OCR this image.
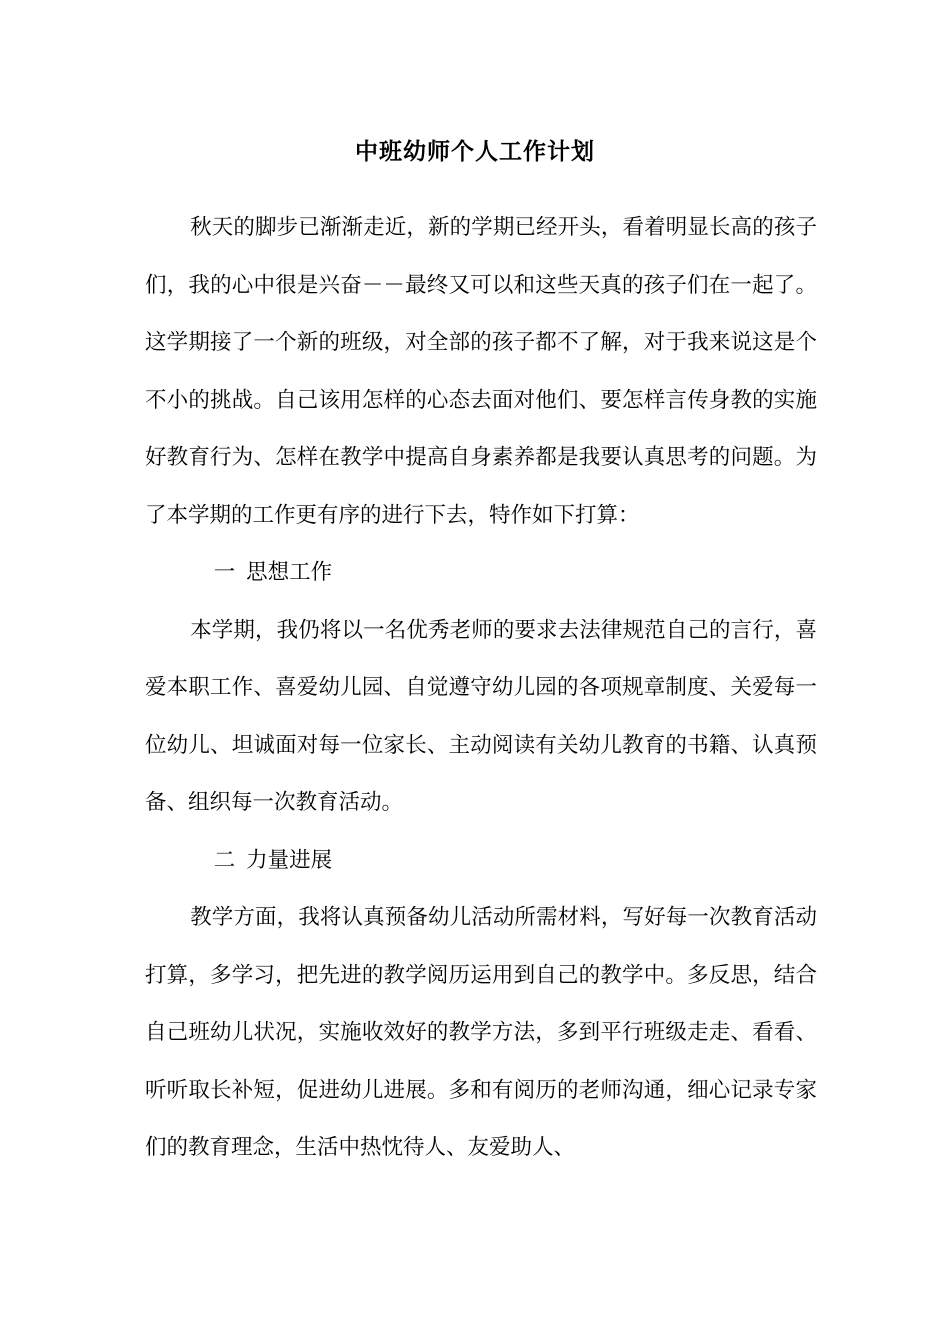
中班幼师个人工作计划

秋天的脚步已渐渐走近，新的学期已经开头，看着明显长高的孩子们，我的心中很是兴奋－－最终又可以和这些天真的孩子们在一起了。这学期接了一个新的班级，对全部的孩子都不了解，对于我来说这是个不小的挑战。自己该用怎样的心态去面对他们、要怎样言传身教的实施好教育行为、怎样在教学中提高自身素养都是我要认真思考的问题。为了本学期的工作更有序的进行下去，特作如下打算：

一 思想工作

本学期，我仍将以一名优秀老师的要求去法律规范自己的言行，喜爱本职工作、喜爱幼儿园、自觉遵守幼儿园的各项规章制度、关爱每一位幼儿、坦诚面对每一位家长、主动阅读有关幼儿教育的书籍、认真预备、组织每一次教育活动。

二 力量进展

教学方面，我将认真预备幼儿活动所需材料，写好每一次教育活动打算，多学习，把先进的教学阅历运用到自己的教学中。多反思，结合自己班幼儿状况，实施收效好的教学方法，多到平行班级走走、看看、听听取长补短，促进幼儿进展。多和有阅历的老师沟通，细心记录专家们的教育理念，生活中热忱待人、友爱助人、
